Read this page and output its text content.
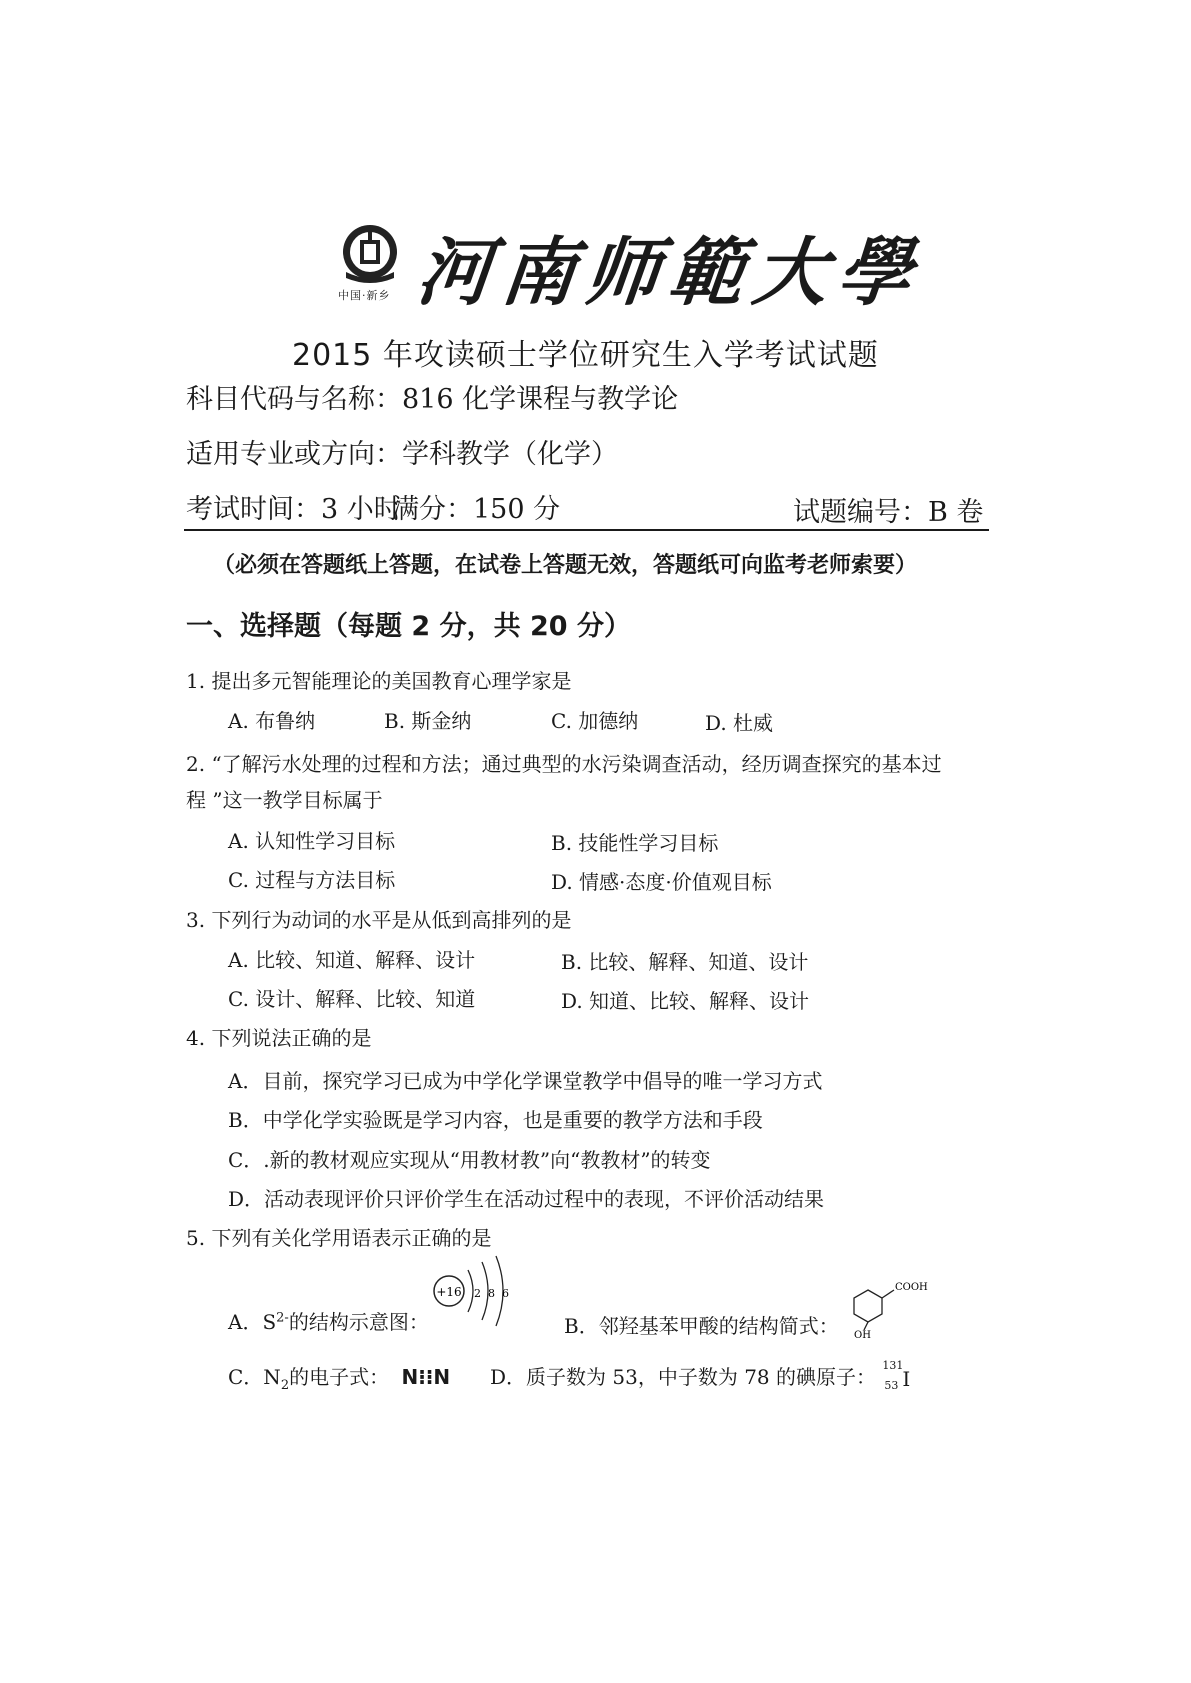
中国·新乡 河南师範大學
2015 年攻读硕士学位研究生入学考试试题
科目代码与名称：816 化学课程与教学论
适用专业或方向：学科教学（化学）
考试时间：3 小时
满分：150 分	试题编号：B 卷
（必须在答题纸上答题，在试卷上答题无效，答题纸可向监考老师索要）
一、选择题（每题 2 分，共 20 分）
1. 提出多元智能理论的美国教育心理学家是
A. 布鲁纳	B. 斯金纳	C. 加德纳	D. 杜威
2. “了解污水处理的过程和方法；通过典型的水污染调查活动，经历调查探究的基本过
程 ”这一教学目标属于
A. 认知性学习目标	B. 技能性学习目标
C. 过程与方法目标	D. 情感·态度·价值观目标
3. 下列行为动词的水平是从低到高排列的是
A. 比较、知道、解释、设计	B. 比较、解释、知道、设计
C. 设计、解释、比较、知道	D. 知道、比较、解释、设计
4. 下列说法正确的是
A．目前，探究学习已成为中学化学课堂教学中倡导的唯一学习方式
B．中学化学实验既是学习内容，也是重要的教学方法和手段
C．.新的教材观应实现从“用教材教”向“教教材”的转变
D．活动表现评价只评价学生在活动过程中的表现，不评价活动结果
5. 下列有关化学用语表示正确的是
A．$S^{2-}$的结构示意图：
+16 2 8 6
B．邻羟基苯甲酸的结构简式：
COOH
OH
C．$N_2$的电子式： N⁝⁝N D．质子数为 53，中子数为 78 的碘原子： 131
53 I
